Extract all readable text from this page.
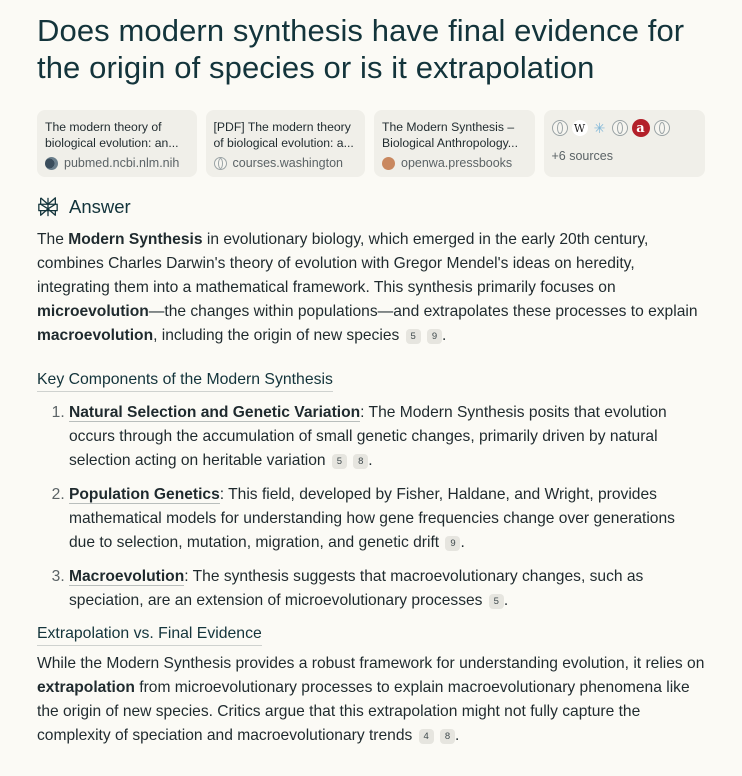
Does modern synthesis have final evidence for the origin of species or is it extrapolation
The modern theory of biological evolution: an...
pubmed.ncbi.nlm.nih
[PDF] The modern theory of biological evolution: a...
courses.washington
The Modern Synthesis – Biological Anthropology...
openwa.pressbooks
W ✳	a
+6 sources
Answer

The Modern Synthesis in evolutionary biology, which emerged in the early 20th century, combines Charles Darwin's theory of evolution with Gregor Mendel's ideas on heredity, integrating them into a mathematical framework. This synthesis primarily focuses on microevolution—the changes within populations—and extrapolates these processes to explain macroevolution, including the origin of new species 5 9 .

Key Components of the Modern Synthesis
1. Natural Selection and Genetic Variation: The Modern Synthesis posits that evolution occurs through the accumulation of small genetic changes, primarily driven by natural selection acting on heritable variation 5 8 .
2. Population Genetics: This field, developed by Fisher, Haldane, and Wright, provides mathematical models for understanding how gene frequencies change over generations due to selection, mutation, migration, and genetic drift 9 .
3. Macroevolution: The synthesis suggests that macroevolutionary changes, such as speciation, are an extension of microevolutionary processes 5 .
Extrapolation vs. Final Evidence

While the Modern Synthesis provides a robust framework for understanding evolution, it relies on extrapolation from microevolutionary processes to explain macroevolutionary phenomena like the origin of new species. Critics argue that this extrapolation might not fully capture the complexity of speciation and macroevolutionary trends 4 8 .
